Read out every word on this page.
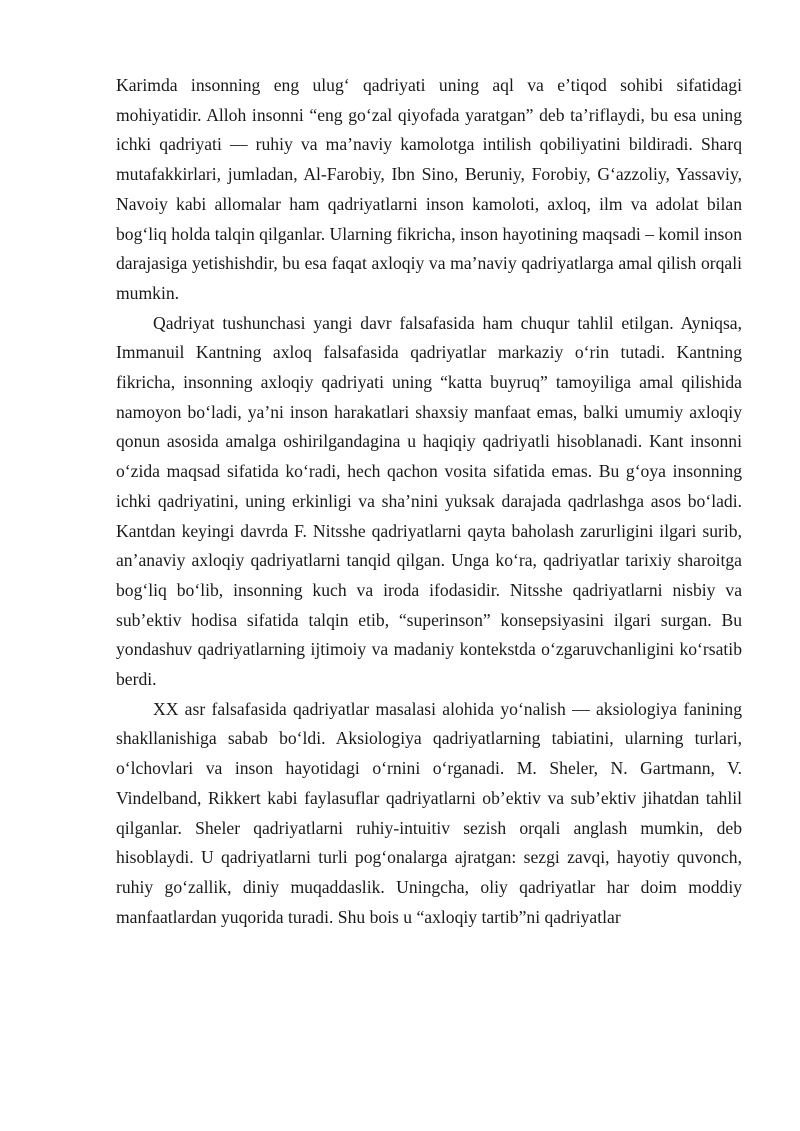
Karimda insonning eng ulug‘ qadriyati uning aql va e’tiqod sohibi sifatidagi mohiyatidir. Alloh insonni “eng go‘zal qiyofada yaratgan” deb ta’riflaydi, bu esa uning ichki qadriyati — ruhiy va ma’naviy kamolotga intilish qobiliyatini bildiradi. Sharq mutafakkirlari, jumladan, Al-Farobiy, Ibn Sino, Beruniy, Forobiy, G‘azzoliy, Yassaviy, Navoiy kabi allomalar ham qadriyatlarni inson kamoloti, axloq, ilm va adolat bilan bog‘liq holda talqin qilganlar. Ularning fikricha, inson hayotining maqsadi – komil inson darajasiga yetishishdir, bu esa faqat axloqiy va ma’naviy qadriyatlarga amal qilish orqali mumkin.

Qadriyat tushunchasi yangi davr falsafasida ham chuqur tahlil etilgan. Ayniqsa, Immanuil Kantning axloq falsafasida qadriyatlar markaziy o‘rin tutadi. Kantning fikricha, insonning axloqiy qadriyati uning “katta buyruq” tamoyiliga amal qilishida namoyon bo‘ladi, ya’ni inson harakatlari shaxsiy manfaat emas, balki umumiy axloqiy qonun asosida amalga oshirilgandagina u haqiqiy qadriyatli hisoblanadi. Kant insonni o‘zida maqsad sifatida ko‘radi, hech qachon vosita sifatida emas. Bu g‘oya insonning ichki qadriyatini, uning erkinligi va sha’nini yuksak darajada qadrlashga asos bo‘ladi. Kantdan keyingi davrda F. Nitsshe qadriyatlarni qayta baholash zarurligini ilgari surib, an’anaviy axloqiy qadriyatlarni tanqid qilgan. Unga ko‘ra, qadriyatlar tarixiy sharoitga bog‘liq bo‘lib, insonning kuch va iroda ifodasidir. Nitsshe qadriyatlarni nisbiy va sub’ektiv hodisa sifatida talqin etib, “superinson” konsepsiyasini ilgari surgan. Bu yondashuv qadriyatlarning ijtimoiy va madaniy kontekstda o‘zgaruvchanligini ko‘rsatib berdi.

XX asr falsafasida qadriyatlar masalasi alohida yo‘nalish — aksiologiya fanining shakllanishiga sabab bo‘ldi. Aksiologiya qadriyatlarning tabiatini, ularning turlari, o‘lchovlari va inson hayotidagi o‘rnini o‘rganadi. M. Sheler, N. Gartmann, V. Vindelband, Rikkert kabi faylasuflar qadriyatlarni ob’ektiv va sub’ektiv jihatdan tahlil qilganlar. Sheler qadriyatlarni ruhiy-intuitiv sezish orqali anglash mumkin, deb hisoblaydi. U qadriyatlarni turli pog‘onalarga ajratgan: sezgi zavqi, hayotiy quvonch, ruhiy go‘zallik, diniy muqaddaslik. Uningcha, oliy qadriyatlar har doim moddiy manfaatlardan yuqorida turadi. Shu bois u “axloqiy tartib”ni qadriyatlar
